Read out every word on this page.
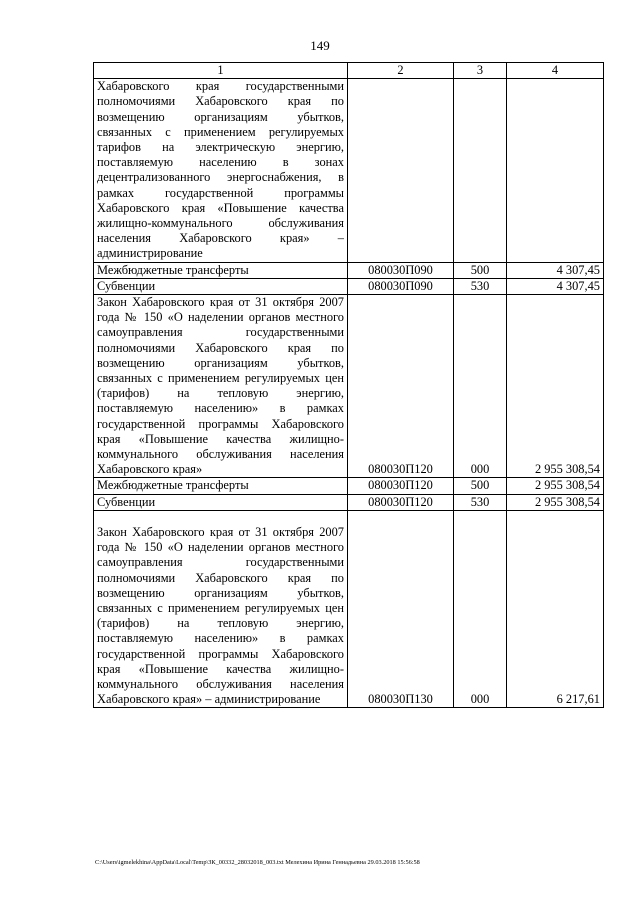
149
1	2	3	4
Хабаровского края государственными полномочиями Хабаровского края по возмещению организациям убытков, связанных с применением регулируемых тарифов на электрическую энергию, поставляемую населению в зонах децентрализованного энергоснабжения, в рамках государственной программы Хабаровского края «Повышение качества жилищно-коммунального обслуживания населения Хабаровского края» – администрирование			
Межбюджетные трансферты	080030П090	500	4 307,45
Субвенции	080030П090	530	4 307,45
Закон Хабаровского края от 31 октября 2007 года № 150 «О наделении органов местного самоуправления государственными полномочиями Хабаровского края по возмещению организациям убытков, связанных с применением регулируемых цен (тарифов) на тепловую энергию, поставляемую населению» в рамках государственной программы Хабаровского края «Повышение качества жилищно-коммунального обслуживания населения Хабаровского края»	080030П120	000	2 955 308,54
Межбюджетные трансферты	080030П120	500	2 955 308,54
Субвенции	080030П120	530	2 955 308,54
Закон Хабаровского края от 31 октября 2007 года № 150 «О наделении органов местного самоуправления государственными полномочиями Хабаровского края по возмещению организациям убытков, связанных с применением регулируемых цен (тарифов) на тепловую энергию, поставляемую населению» в рамках государственной программы Хабаровского края «Повышение качества жилищно-коммунального обслуживания населения Хабаровского края» – администрирование	080030П130	000	6 217,61
C:\Users\igmelekhina\AppData\Local\Temp\ЗК_00332_28032018_003.txt Мелехина Ирина Геннадьевна 29.03.2018 15:56:58
